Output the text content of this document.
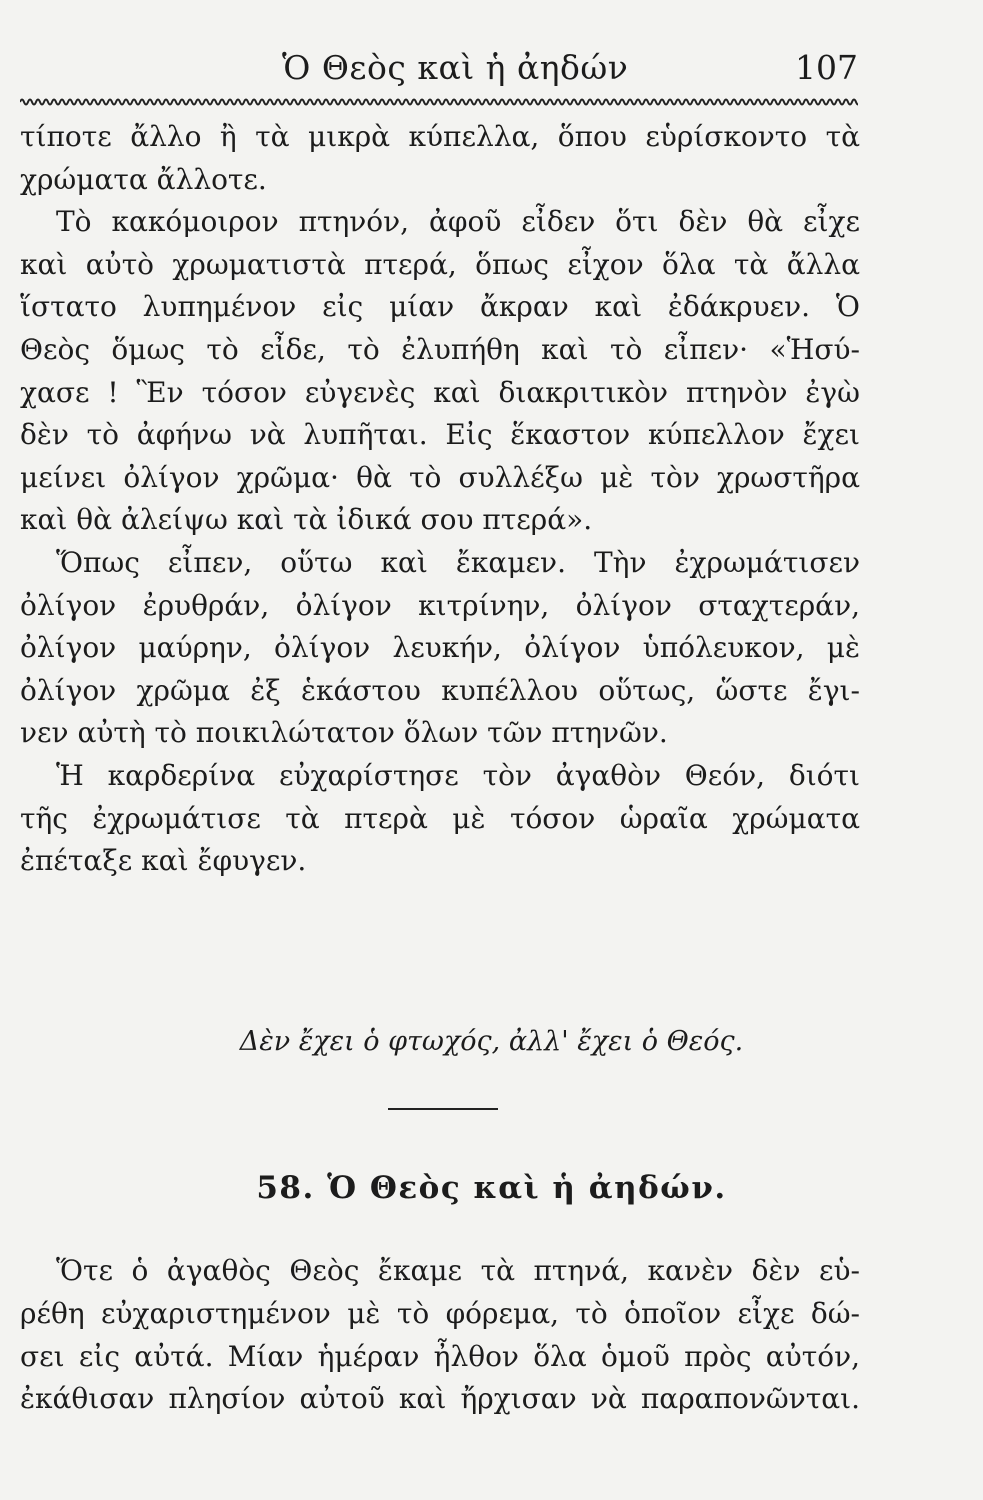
Ὁ Θεὸς καὶ ἡ ἀηδών	107
τίποτε ἄλλο ἢ τὰ μικρὰ κύπελλα, ὅπου εὑρίσκοντο τὰ
χρώματα ἄλλοτε.
Τὸ κακόμοιρον πτηνόν, ἀφοῦ εἶδεν ὅτι δὲν θὰ εἶχε
καὶ αὐτὸ χρωματιστὰ πτερά, ὅπως εἶχον ὅλα τὰ ἄλλα
ἵστατο λυπημένον εἰς μίαν ἄκραν καὶ ἐδάκρυεν. Ὁ
Θεὸς ὅμως τὸ εἶδε, τὸ ἐλυπήθη καὶ τὸ εἶπεν· «Ἡσύ-
χασε ! Ἓν τόσον εὐγενὲς καὶ διακριτικὸν πτηνὸν ἐγὼ
δὲν τὸ ἀφήνω νὰ λυπῆται. Εἰς ἕκαστον κύπελλον ἔχει
μείνει ὀλίγον χρῶμα· θὰ τὸ συλλέξω μὲ τὸν χρωστῆρα
καὶ θὰ ἀλείψω καὶ τὰ ἰδικά σου πτερά».
Ὅπως εἶπεν, οὕτω καὶ ἔκαμεν. Τὴν ἐχρωμάτισεν
ὀλίγον ἐρυθράν, ὀλίγον κιτρίνην, ὀλίγον σταχτεράν,
ὀλίγον μαύρην, ὀλίγον λευκήν, ὀλίγον ὑπόλευκον, μὲ
ὀλίγον χρῶμα ἐξ ἑκάστου κυπέλλου οὕτως, ὥστε ἔγι-
νεν αὐτὴ τὸ ποικιλώτατον ὅλων τῶν πτηνῶν.
Ἡ καρδερίνα εὐχαρίστησε τὸν ἀγαθὸν Θεόν, διότι
τῆς ἐχρωμάτισε τὰ πτερὰ μὲ τόσον ὡραῖα χρώματα
ἐπέταξε καὶ ἔφυγεν.
Δὲν ἔχει ὁ φτωχός, ἀλλ' ἔχει ὁ Θεός.
58. Ὁ Θεὸς καὶ ἡ ἀηδών.
Ὅτε ὁ ἀγαθὸς Θεὸς ἔκαμε τὰ πτηνά, κανὲν δὲν εὑ-
ρέθη εὐχαριστημένον μὲ τὸ φόρεμα, τὸ ὁποῖον εἶχε δώ-
σει εἰς αὐτά. Μίαν ἡμέραν ἦλθον ὅλα ὁμοῦ πρὸς αὐτόν,
ἐκάθισαν πλησίον αὐτοῦ καὶ ἤρχισαν νὰ παραπονῶνται.
